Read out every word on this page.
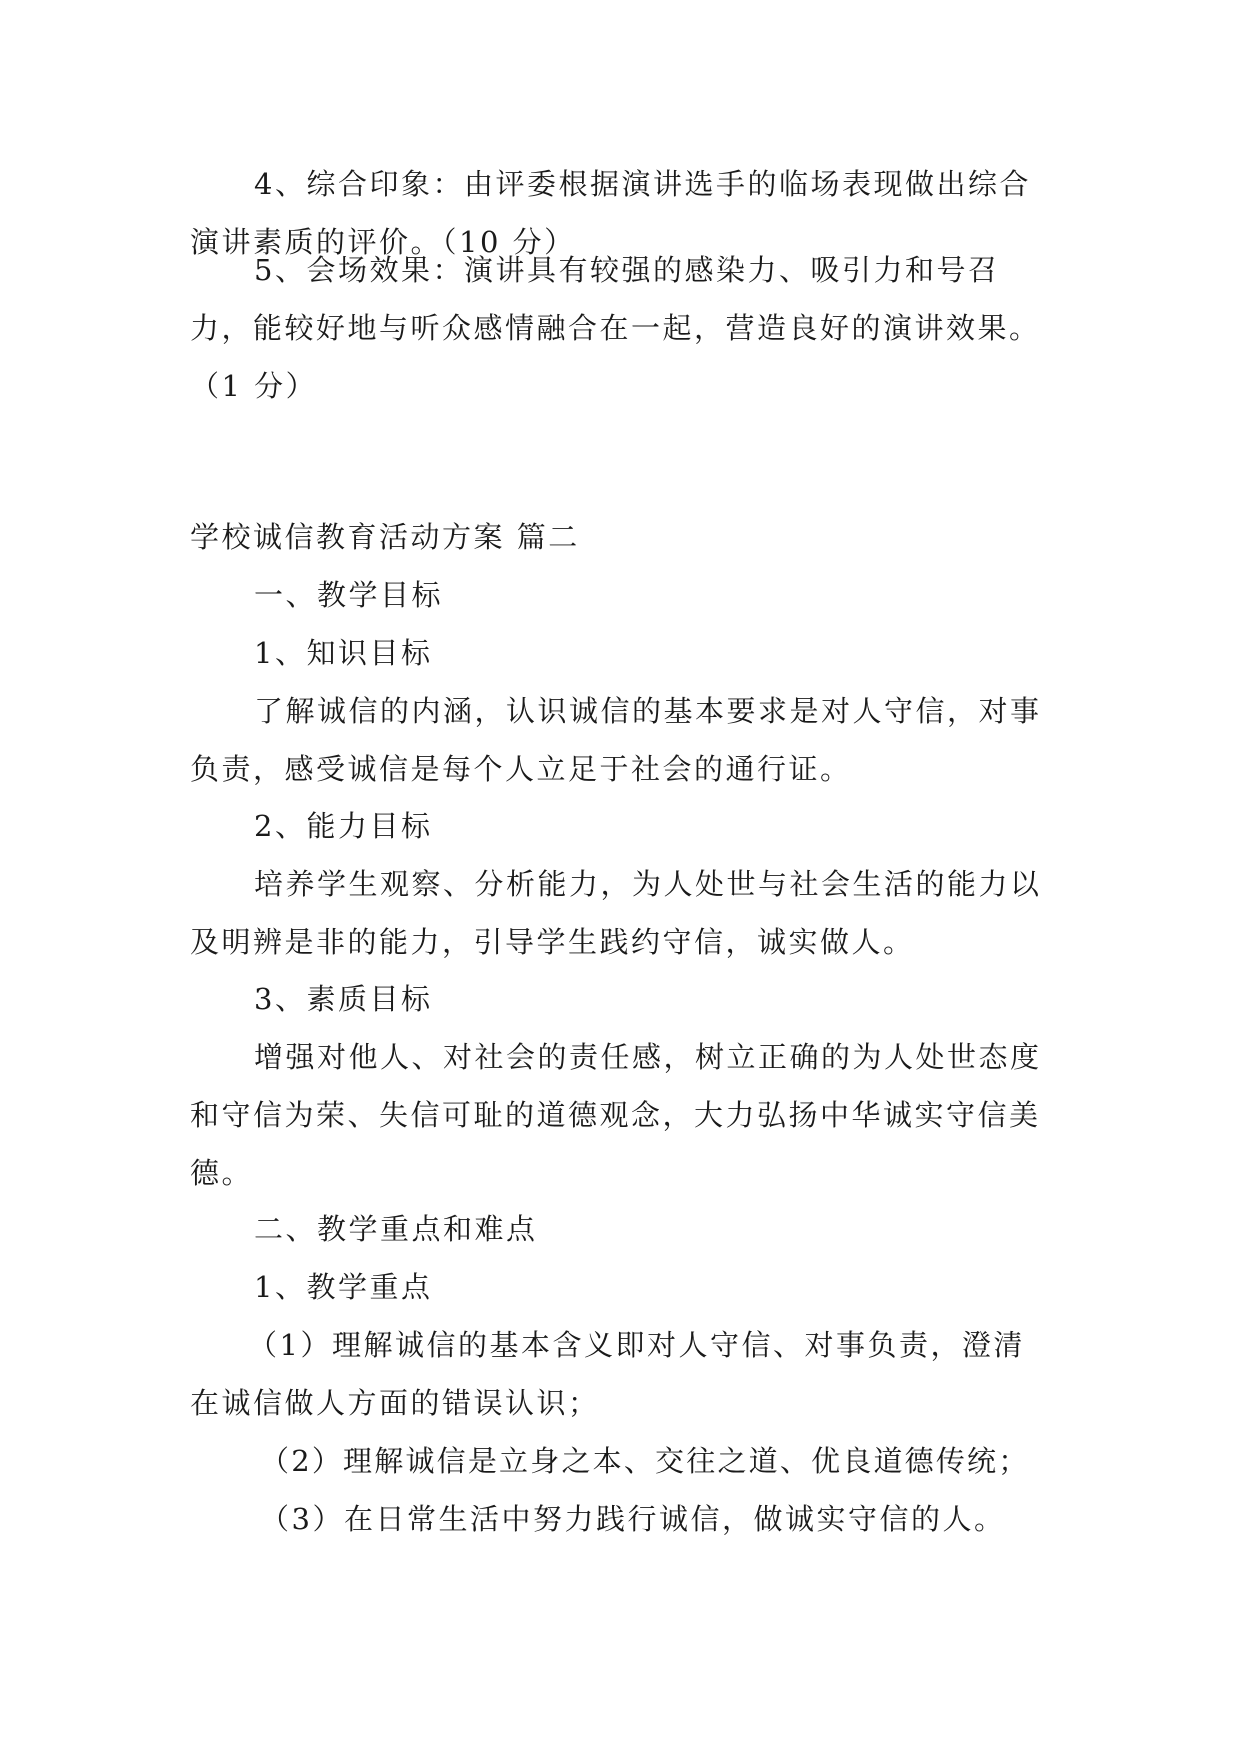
4、综合印象：由评委根据演讲选手的临场表现做出综合演讲素质的评价。（10 分）

5、会场效果：演讲具有较强的感染力、吸引力和号召力，能较好地与听众感情融合在一起，营造良好的演讲效果。（1 分）

学校诚信教育活动方案 篇二

一、教学目标

1、知识目标

了解诚信的内涵，认识诚信的基本要求是对人守信，对事负责，感受诚信是每个人立足于社会的通行证。

2、能力目标

培养学生观察、分析能力，为人处世与社会生活的能力以及明辨是非的能力，引导学生践约守信，诚实做人。

3、素质目标

增强对他人、对社会的责任感，树立正确的为人处世态度和守信为荣、失信可耻的道德观念，大力弘扬中华诚实守信美德。

二、教学重点和难点

1、教学重点

（1）理解诚信的基本含义即对人守信、对事负责，澄清在诚信做人方面的错误认识；

（2）理解诚信是立身之本、交往之道、优良道德传统；

（3）在日常生活中努力践行诚信，做诚实守信的人。
